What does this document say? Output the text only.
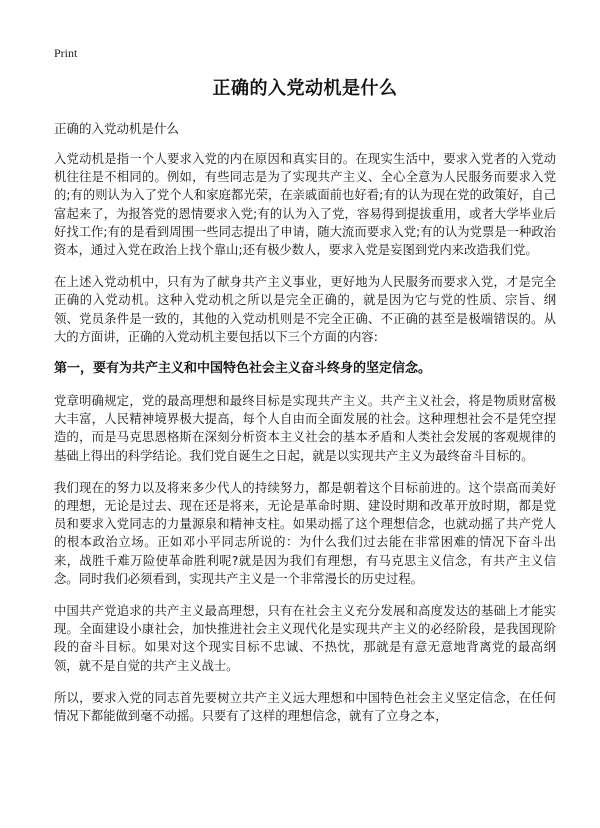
Print
正确的入党动机是什么
正确的入党动机是什么

入党动机是指一个人要求入党的内在原因和真实目的。在现实生活中，要求入党者的入党动机往往是不相同的。例如，有些同志是为了实现共产主义、全心全意为人民服务而要求入党的;有的则认为入了党个人和家庭都光荣，在亲戚面前也好看;有的认为现在党的政策好，自己富起来了，为报答党的恩情要求入党;有的认为入了党，容易得到提拔重用，或者大学毕业后好找工作;有的是看到周围一些同志提出了申请，随大流而要求入党;有的认为党票是一种政治资本，通过入党在政治上找个靠山;还有极少数人，要求入党是妄图到党内来改造我们党。

在上述入党动机中，只有为了献身共产主义事业，更好地为人民服务而要求入党，才是完全正确的入党动机。这种入党动机之所以是完全正确的，就是因为它与党的性质、宗旨、纲领、党员条件是一致的，其他的入党动机则是不完全正确、不正确的甚至是极端错误的。从大的方面讲，正确的入党动机主要包括以下三个方面的内容:

第一，要有为共产主义和中国特色社会主义奋斗终身的坚定信念。

党章明确规定，党的最高理想和最终目标是实现共产主义。共产主义社会，将是物质财富极大丰富，人民精神境界极大提高，每个人自由而全面发展的社会。这种理想社会不是凭空捏造的，而是马克思恩格斯在深刻分析资本主义社会的基本矛盾和人类社会发展的客观规律的基础上得出的科学结论。我们党自诞生之日起，就是以实现共产主义为最终奋斗目标的。

我们现在的努力以及将来多少代人的持续努力，都是朝着这个目标前进的。这个崇高而美好的理想，无论是过去、现在还是将来，无论是革命时期、建设时期和改革开放时期，都是党员和要求入党同志的力量源泉和精神支柱。如果动摇了这个理想信念，也就动摇了共产党人的根本政治立场。正如邓小平同志所说的：为什么我们过去能在非常困难的情况下奋斗出来，战胜千难万险使革命胜利呢?就是因为我们有理想，有马克思主义信念，有共产主义信念。同时我们必须看到，实现共产主义是一个非常漫长的历史过程。

中国共产党追求的共产主义最高理想，只有在社会主义充分发展和高度发达的基础上才能实现。全面建设小康社会，加快推进社会主义现代化是实现共产主义的必经阶段，是我国现阶段的奋斗目标。如果对这个现实目标不忠诚、不热忱，那就是有意无意地背离党的最高纲领，就不是自觉的共产主义战士。

所以，要求入党的同志首先要树立共产主义远大理想和中国特色社会主义坚定信念，在任何情况下都能做到毫不动摇。只要有了这样的理想信念，就有了立身之本，
